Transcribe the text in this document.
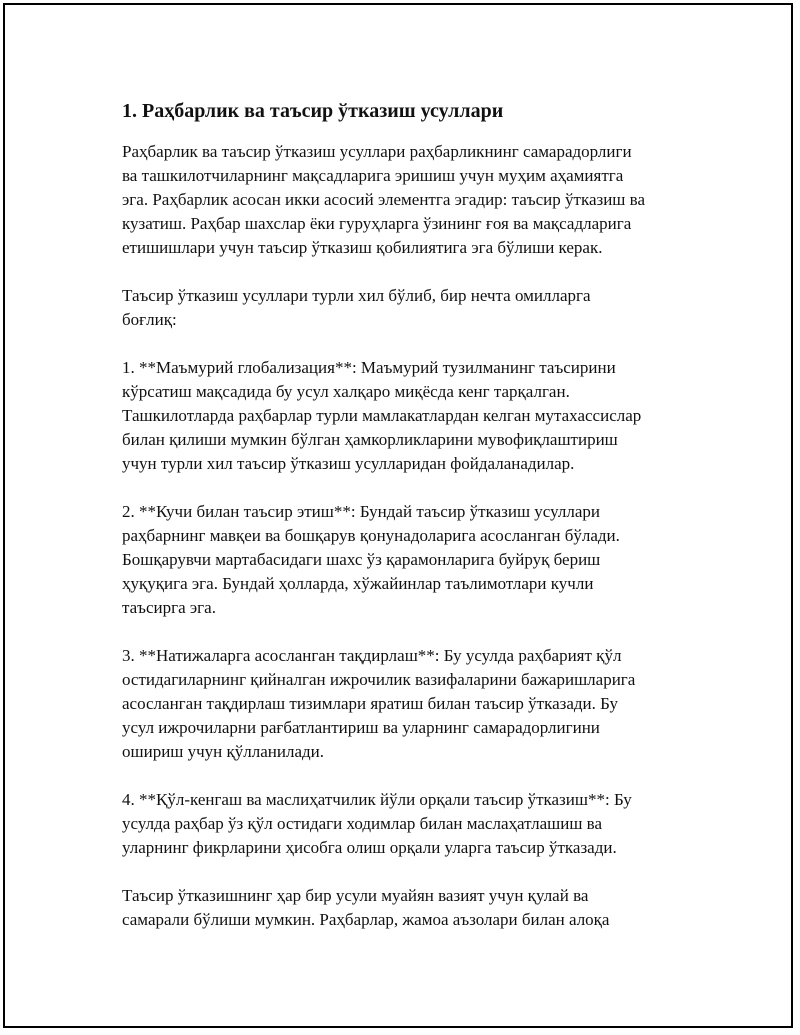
1. Раҳбарлик ва таъсир ўтказиш усуллари

Раҳбарлик ва таъсир ўтказиш усуллари раҳбарликнинг самарадорлиги
ва ташкилотчиларнинг мақсадларига эришиш учун муҳим аҳамиятга
эга. Раҳбарлик асосан икки асосий элементга эгадир: таъсир ўтказиш ва
кузатиш. Раҳбар шахслар ёки гуруҳларга ўзининг ғоя ва мақсадларига
етишишлари учун таъсир ўтказиш қобилиятига эга бўлиши керак.

Таъсир ўтказиш усуллари турли хил бўлиб, бир нечта омилларга
боғлиқ:

1. **Маъмурий глобализация**: Маъмурий тузилманинг таъсирини
кўрсатиш мақсадида бу усул халқаро миқёсда кенг тарқалган.
Ташкилотларда раҳбарлар турли мамлакатлардан келган мутахассислар
билан қилиши мумкин бўлган ҳамкорликларини мувофиқлаштириш
учун турли хил таъсир ўтказиш усулларидан фойдаланадилар.

2. **Кучи билан таъсир этиш**: Бундай таъсир ўтказиш усуллари
раҳбарнинг мавқеи ва бошқарув қонунадоларига асосланган бўлади.
Бошқарувчи мартабасидаги шахс ўз қарамонларига буйруқ бериш
ҳуқуқига эга. Бундай ҳолларда, хўжайинлар таълимотлари кучли
таъсирга эга.

3. **Натижаларга асосланган тақдирлаш**: Бу усулда раҳбарият қўл
остидагиларнинг қийналган ижрочилик вазифаларини бажаришларига
асосланган тақдирлаш тизимлари яратиш билан таъсир ўтказади. Бу
усул ижрочиларни рағбатлантириш ва уларнинг самарадорлигини
ошириш учун қўлланилади.

4. **Қўл-кенгаш ва маслиҳатчилик йўли орқали таъсир ўтказиш**: Бу
усулда раҳбар ўз қўл остидаги ходимлар билан маслаҳатлашиш ва
уларнинг фикрларини ҳисобга олиш орқали уларга таъсир ўтказади.

Таъсир ўтказишнинг ҳар бир усули муайян вазият учун қулай ва
самарали бўлиши мумкин. Раҳбарлар, жамоа аъзолари билан алоқа
